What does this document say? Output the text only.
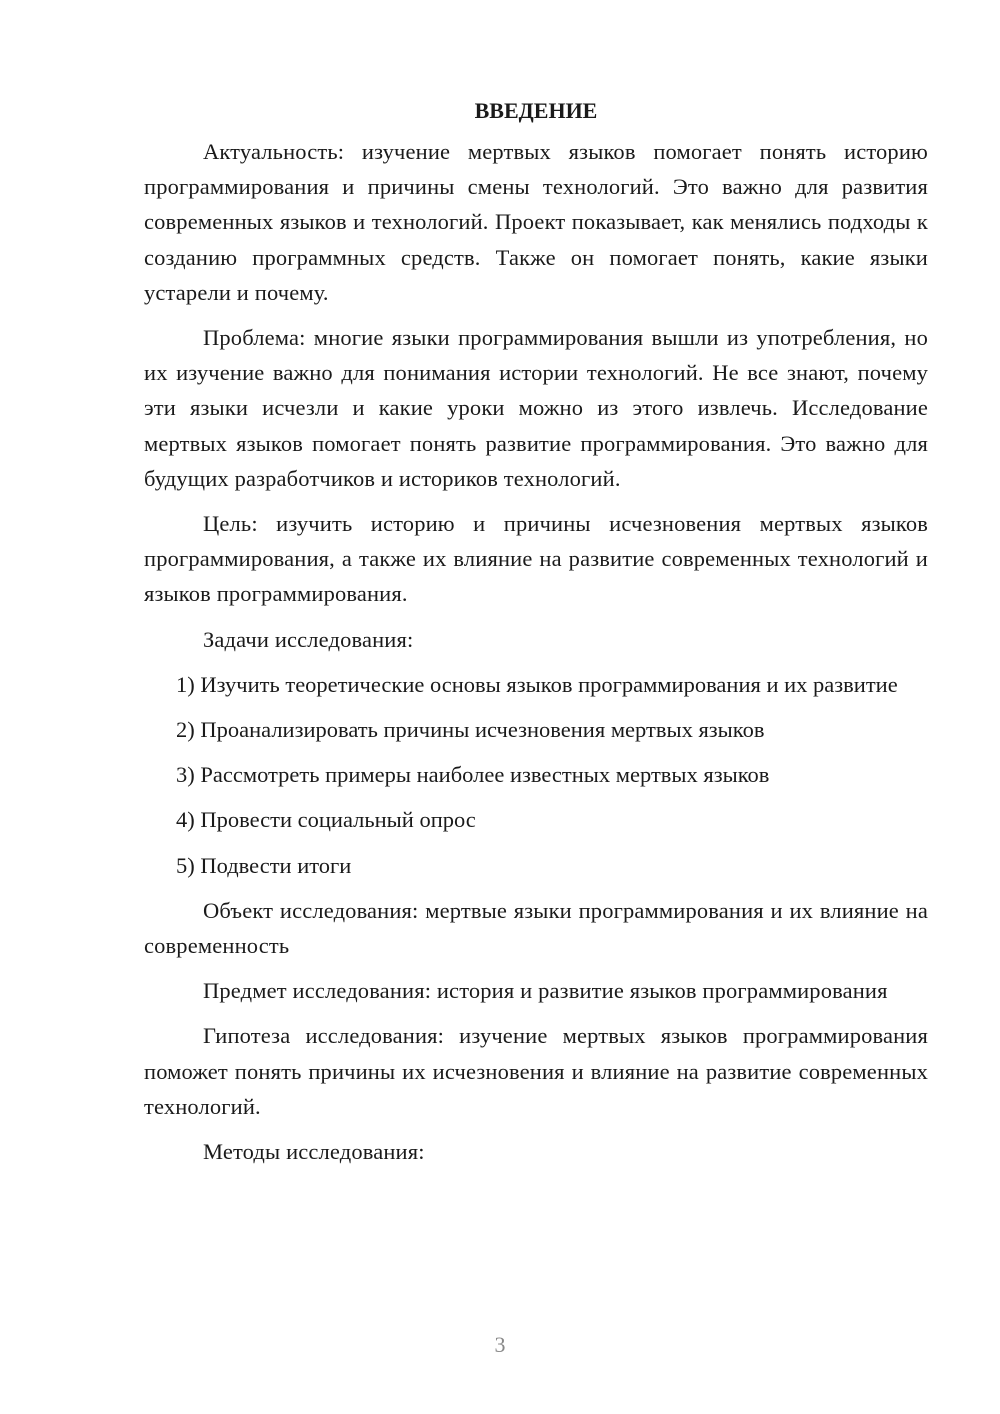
ВВЕДЕНИЕ

Актуальность: изучение мертвых языков помогает понять историю программирования и причины смены технологий. Это важно для развития современных языков и технологий. Проект показывает, как менялись подходы к созданию программных средств. Также он помогает понять, какие языки устарели и почему.

Проблема: многие языки программирования вышли из употребления, но их изучение важно для понимания истории технологий. Не все знают, почему эти языки исчезли и какие уроки можно из этого извлечь. Исследование мертвых языков помогает понять развитие программирования. Это важно для будущих разработчиков и историков технологий.

Цель: изучить историю и причины исчезновения мертвых языков программирования, а также их влияние на развитие современных технологий и языков программирования.

Задачи исследования:

1) Изучить теоретические основы языков программирования и их развитие

2) Проанализировать причины исчезновения мертвых языков

3) Рассмотреть примеры наиболее известных мертвых языков

4) Провести социальный опрос

5) Подвести итоги

Объект исследования: мертвые языки программирования и их влияние на современность

Предмет исследования: история и развитие языков программирования

Гипотеза исследования: изучение мертвых языков программирования поможет понять причины их исчезновения и влияние на развитие современных технологий.

Методы исследования:

3
